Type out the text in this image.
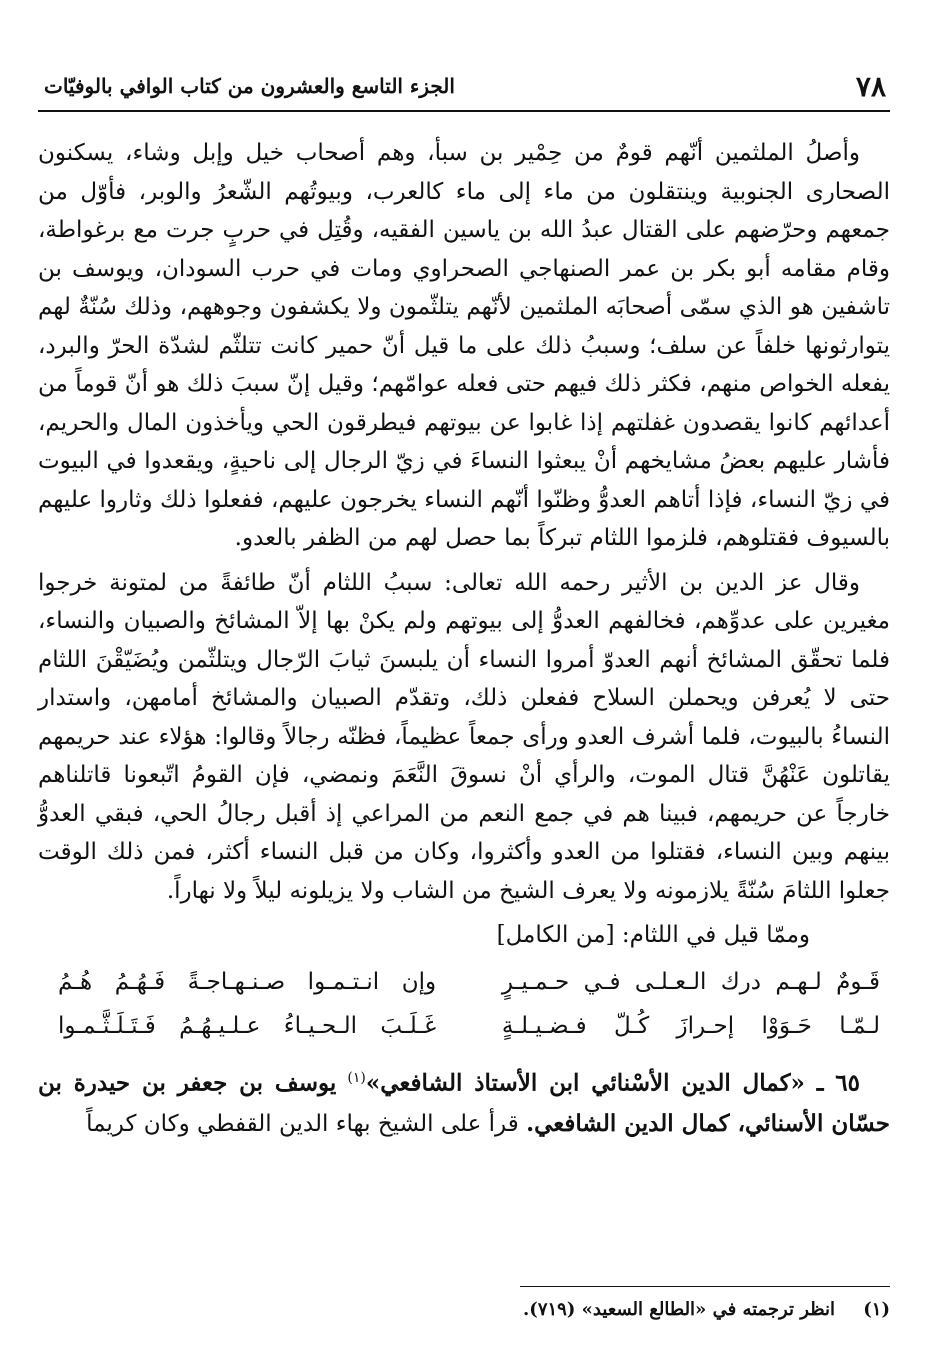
٧٨
الجزء التاسع والعشرون من كتاب الوافي بالوفيّات

وأصلُ الملثمين أنّهم قومٌ من حِمْير بن سبأ، وهم أصحاب خيل وإبل وشاء، يسكنون الصحارى الجنوبية وينتقلون من ماء إلى ماء كالعرب، وبيوتُهم الشّعرُ والوبر، فأوّل من جمعهم وحرّضهم على القتال عبدُ الله بن ياسين الفقيه، وقُتِل في حربٍ جرت مع برغواطة، وقام مقامه أبو بكر بن عمر الصنهاجي الصحراوي ومات في حرب السودان، ويوسف بن تاشفين هو الذي سمّى أصحابَه الملثمين لأنّهم يتلثّمون ولا يكشفون وجوههم، وذلك سُنّةٌ لهم يتوارثونها خلفاً عن سلف؛ وسببُ ذلك على ما قيل أنّ حمير كانت تتلثّم لشدّة الحرّ والبرد، يفعله الخواص منهم، فكثر ذلك فيهم حتى فعله عوامّهم؛ وقيل إنّ سببَ ذلك هو أنّ قوماً من أعدائهم كانوا يقصدون غفلتهم إذا غابوا عن بيوتهم فيطرقون الحي ويأخذون المال والحريم، فأشار عليهم بعضُ مشايخهم أنْ يبعثوا النساءَ في زيّ الرجال إلى ناحيةٍ، ويقعدوا في البيوت في زيّ النساء، فإذا أتاهم العدوُّ وظنّوا أنّهم النساء يخرجون عليهم، ففعلوا ذلك وثاروا عليهم بالسيوف فقتلوهم، فلزموا اللثام تبركاً بما حصل لهم من الظفر بالعدو.

وقال عز الدين بن الأثير رحمه الله تعالى: سببُ اللثام أنّ طائفةً من لمتونة خرجوا مغيرين على عدوِّهم، فخالفهم العدوُّ إلى بيوتهم ولم يكنْ بها إلاّ المشائخ والصبيان والنساء، فلما تحقّق المشائخ أنهم العدوّ أمروا النساء أن يلبسنَ ثيابَ الرّجال ويتلثّمن ويُضَيّقْنَ اللثام حتى لا يُعرفن ويحملن السلاح ففعلن ذلك، وتقدّم الصبيان والمشائخ أمامهن، واستدار النساءُ بالبيوت، فلما أشرف العدو ورأى جمعاً عظيماً، فظنّه رجالاً وقالوا: هؤلاء عند حريمهم يقاتلون عَنْهُنَّ قتال الموت، والرأي أنْ نسوقَ النَّعَمَ ونمضي، فإن القومُ اتّبعونا قاتلناهم خارجاً عن حريمهم، فبينا هم في جمع النعم من المراعي إذ أقبل رجالُ الحي، فبقي العدوُّ بينهم وبين النساء، فقتلوا من العدو وأكثروا، وكان من قبل النساء أكثر، فمن ذلك الوقت جعلوا اللثامَ سُنّةً يلازمونه ولا يعرف الشيخ من الشاب ولا يزيلونه ليلاً ولا نهاراً.

وممّا قيل في اللثام: [من الكامل]
قَـومٌ لـهـم درك الـعـلـى فـي حـمـيـرٍ
وإن انـتـمـوا صـنـهـاجـةً فَـهُـمُ هُـمُ
لـمّـا حَـوَوْا إحـرازَ كُـلّ فـضـيـلـةٍ
غَـلَـبَ الـحـيـاءُ عـلـيـهُـمُ فَـتَـلَـثَّـمـوا
٦٥ ـ «كمال الدين الأسْنائي ابن الأستاذ الشافعي»$^{(١)}$ يوسف بن جعفر بن حيدرة بن حسّان الأسنائي، كمال الدين الشافعي. قرأ على الشيخ بهاء الدين القفطي وكان كريماً
(١) انظر ترجمته في «الطالع السعيد» (٧١٩).
